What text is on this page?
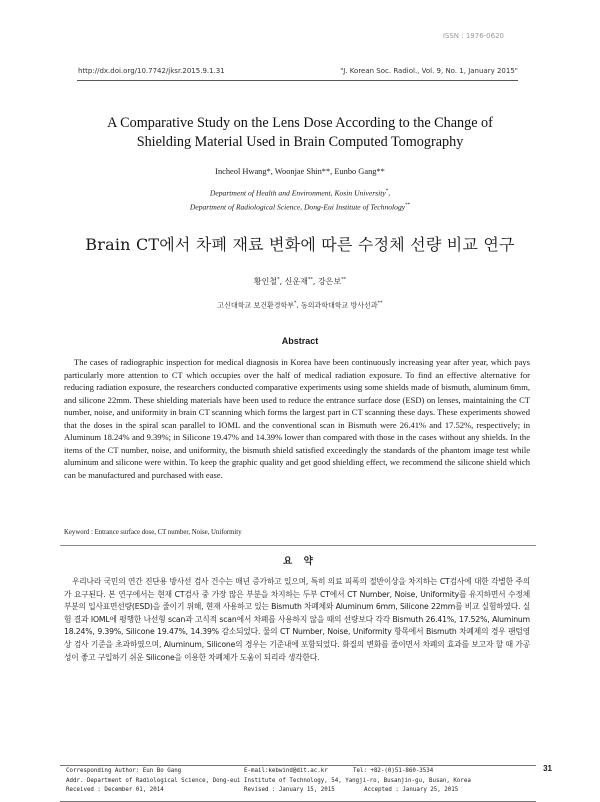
ISSN : 1976-0620
http://dx.doi.org/10.7742/jksr.2015.9.1.31	"J. Korean Soc. Radiol., Vol. 9, No. 1, January 2015"
A Comparative Study on the Lens Dose According to the Change of
Shielding Material Used in Brain Computed Tomography
Incheol Hwang*, Woonjae Shin**, Eunbo Gang**
Department of Health and Environment, Kosin University*,
Department of Radiological Science, Dong-Eui Institute of Technology**
Brain CT에서 차폐 재료 변화에 따른 수정체 선량 비교 연구
황인철*, 신운재**, 강은보**
고신대학교 보건환경학부*, 동의과학대학교 방사선과**
Abstract

The cases of radiographic inspection for medical diagnosis in Korea have been continuously increasing year after year, which pays particularly more attention to CT which occupies over the half of medical radiation exposure. To find an effective alternative for reducing radiation exposure, the researchers conducted comparative experiments using some shields made of bismuth, aluminum 6mm, and silicone 22mm. These shielding materials have been used to reduce the entrance surface dose (ESD) on lenses, maintaining the CT number, noise, and uniformity in brain CT scanning which forms the largest part in CT scanning these days. These experiments showed that the doses in the spiral scan parallel to IOML and the conventional scan in Bismuth were 26.41% and 17.52%, respectively; in Aluminum 18.24% and 9.39%; in Silicone 19.47% and 14.39% lower than compared with those in the cases without any shields. In the items of the CT number, noise, and uniformity, the bismuth shield satisfied exceedingly the standards of the phantom image test while aluminum and silicone were within. To keep the graphic quality and get good shielding effect, we recommend the silicone shield which can be manufactured and purchased with ease.

Keyword : Entrance surface dose, CT number, Noise, Uniformity
요 약

우리나라 국민의 연간 진단용 방사선 검사 건수는 매년 증가하고 있으며, 특히 의료 피폭의 절반이상을 차지하는 CT검사에 대한 각별한 주의가 요구된다. 본 연구에서는 현재 CT검사 중 가장 많은 부분을 차지하는 두부 CT에서 CT Number, Noise, Uniformity를 유지하면서 수정체 부분의 입사표면선량(ESD)을 줄이기 위해, 현재 사용하고 있는 Bismuth 차폐체와 Aluminum 6mm, Silicone 22mm를 비교 실험하였다. 실험 결과 IOML에 평행한 나선형 scan과 고식적 scan에서 차폐를 사용하지 않을 때의 선량보다 각각 Bismuth 26.41%, 17.52%, Aluminum 18.24%, 9.39%, Silicone 19.47%, 14.39% 감소되었다. 물의 CT Number, Noise, Uniformity 항목에서 Bismuth 차폐제의 경우 팬텀영상 검사 기준을 초과하였으며, Aluminum, Silicone의 경우는 기준내에 포함되었다. 화질의 변화를 줄이면서 차폐의 효과를 보고자 할 때 가공성이 좋고 구입하기 쉬운 Silicone을 이용한 차폐체가 도움이 되리라 생각한다.

31
Corresponding Author: Eun Bo Gang	E-mail:kebwind@dit.ac.kr	Tel: +82-(0)51-860-3534
Addr. Department of Radiological Science, Dong-eui Institute of Technology, 54, Yangji-ro, Busanjin-gu, Busan, Korea
Received : December 01, 2014	Revised : January 15, 2015	Accepted : January 25, 2015
